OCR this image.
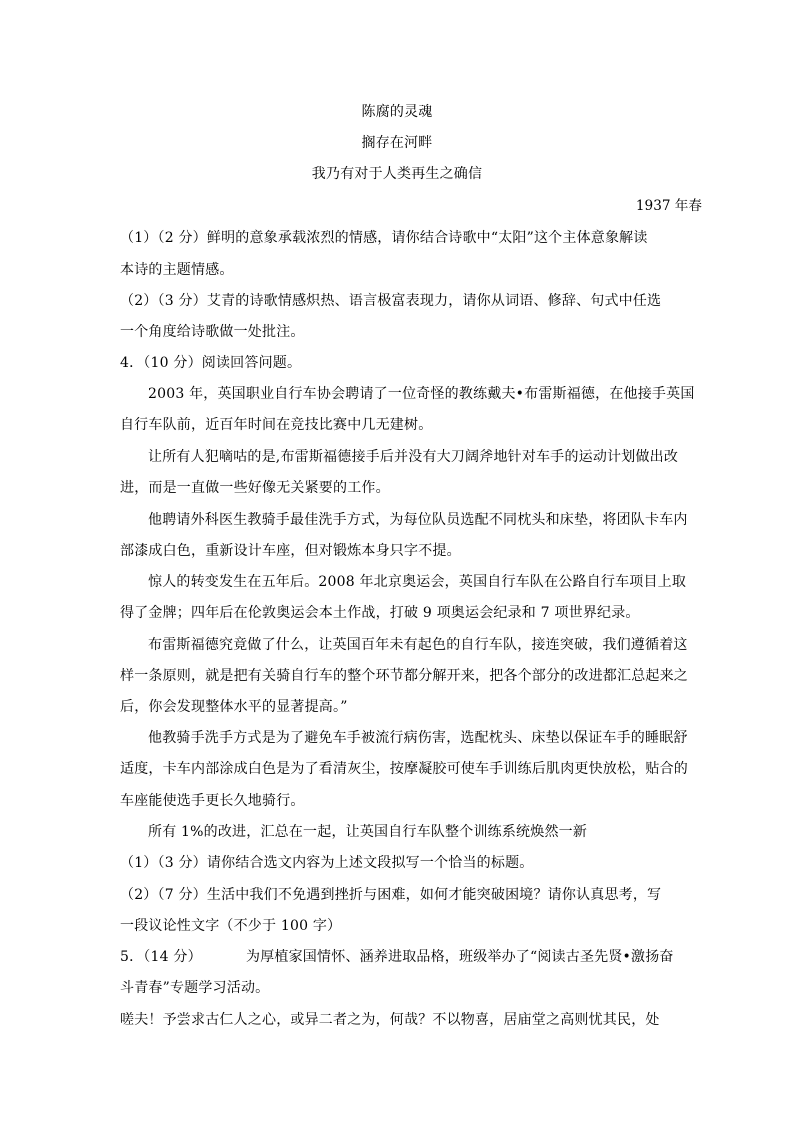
陈腐的灵魂
搁存在河畔
我乃有对于人类再生之确信
1937 年春
（1）（2 分）鲜明的意象承载浓烈的情感，请你结合诗歌中“太阳”这个主体意象解读
本诗的主题情感。
（2）（3 分）艾青的诗歌情感炽热、语言极富表现力，请你从词语、修辞、句式中任选
一个角度给诗歌做一处批注。
4．（10 分）阅读回答问题。
2003 年，英国职业自行车协会聘请了一位奇怪的教练戴夫•布雷斯福德，在他接手英国
自行车队前，近百年时间在竞技比赛中几无建树。
让所有人犯嘀咕的是,布雷斯福德接手后并没有大刀阔斧地针对车手的运动计划做出改
进，而是一直做一些好像无关紧要的工作。
他聘请外科医生教骑手最佳洗手方式，为每位队员选配不同枕头和床垫，将团队卡车内
部漆成白色，重新设计车座，但对锻炼本身只字不提。
惊人的转变发生在五年后。2008 年北京奥运会，英国自行车队在公路自行车项目上取
得了金牌；四年后在伦敦奥运会本土作战，打破 9 项奥运会纪录和 7 项世界纪录。
布雷斯福德究竟做了什么，让英国百年未有起色的自行车队，接连突破，我们遵循着这
样一条原则，就是把有关骑自行车的整个环节都分解开来，把各个部分的改进都汇总起来之
后，你会发现整体水平的显著提高。”
他教骑手洗手方式是为了避免车手被流行病伤害，选配枕头、床垫以保证车手的睡眠舒
适度，卡车内部涂成白色是为了看清灰尘，按摩凝胶可使车手训练后肌肉更快放松，贴合的
车座能使选手更长久地骑行。
所有 1%的改进，汇总在一起，让英国自行车队整个训练系统焕然一新
（1）（3 分）请你结合选文内容为上述文段拟写一个恰当的标题。
（2）（7 分）生活中我们不免遇到挫折与困难，如何才能突破困境？请你认真思考，写
一段议论性文字（不少于 100 字）
5．（14 分）	为厚植家国情怀、涵养进取品格，班级举办了“阅读古圣先贤•激扬奋
斗青春”专题学习活动。
嗟夫！予尝求古仁人之心，或异二者之为，何哉？不以物喜，居庙堂之高则忧其民，处
